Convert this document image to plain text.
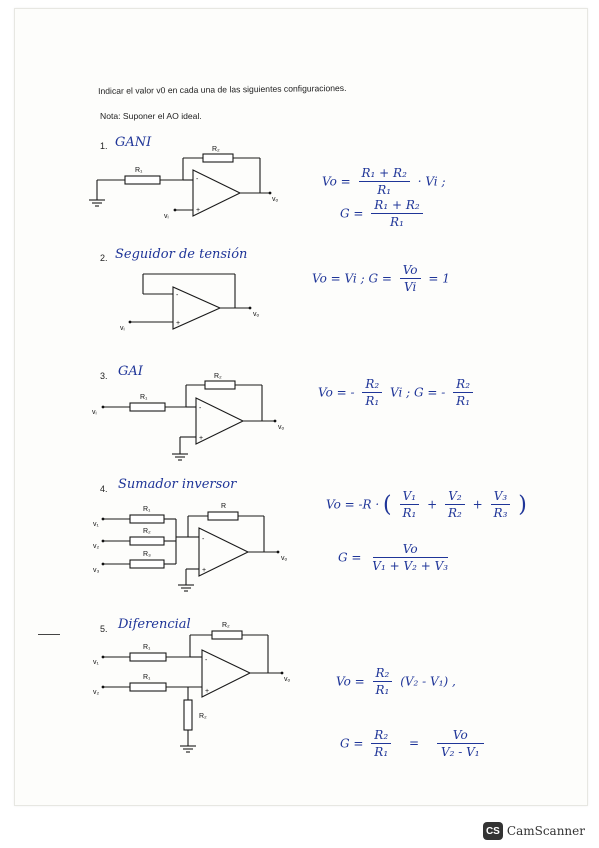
Indicar el valor v0 en cada una de las siguientes configuraciones.
Nota: Suponer el AO ideal.
1. GANI
-
+
vₒ
R₂
R₁
vᵢ
$Vo = \frac{\text{R₁ + R₂}}{\text{R₁}} \cdot Vi$ ;
$G = \frac{\text{R₁ + R₂}}{\text{R₁}}$
2. Seguidor de tensión
-
+
vₒ
vᵢ
Vo = Vi ; $G = \frac{Vo}{Vi} = 1$
3. GAI
-
+
vₒ
R₂
R₁
vᵢ
Vo = - $\frac{\text{R₂}}{\text{R₁}}$ Vi ; G = - $\frac{\text{R₂}}{\text{R₁}}$
4. Sumador inversor
-
+
vₒ
R
R₁
v₁
R₂
v₂
R₃
v₃
Vo = -R · ( $\frac{\text{V₁}}{\text{R₁}} + \frac{\text{V₂}}{\text{R₂}} + \frac{\text{V₃}}{\text{R₃}}$ )
$G = \frac{Vo}{\text{V₁ + V₂ + V₃}}$
5. Diferencial
-
+
vₒ
R₂
R₁
v₁
R₁
v₂
R₂
$Vo = \frac{\text{R₂}}{\text{R₁}} (V_2 - V_1)$ ,
$G = \frac{\text{R₂}}{\text{R₁}} = \frac{Vo}{\text{V₂ - V₁}}$
CS CamScanner
